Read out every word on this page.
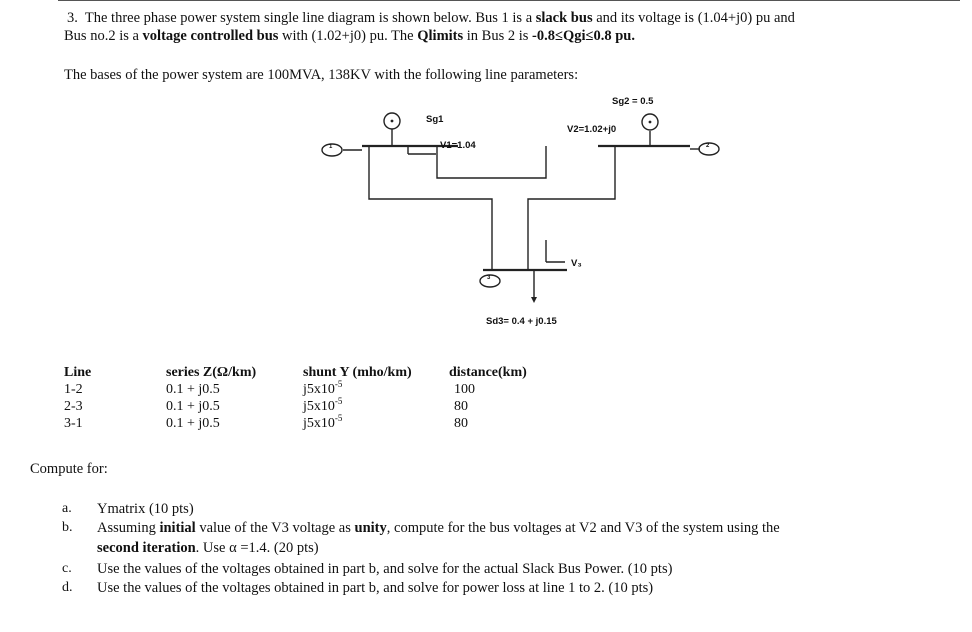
3. The three phase power system single line diagram is shown below. Bus 1 is a slack bus and its voltage is (1.04+j0) pu and
Bus no.2 is a voltage controlled bus with (1.02+j0) pu. The Qlimits in Bus 2 is -0.8≤Qgi≤0.8 pu.
The bases of the power system are 100MVA, 138KV with the following line parameters:
1	2
3
Sg1
Sg2 = 0.5
V1=1.04
V2=1.02+j0
V₃
Sd3= 0.4 + j0.15
Line
1-2
2-3
3-1
series Z(Ω/km)
0.1 + j0.5
0.1 + j0.5
0.1 + j0.5
shunt Y (mho/km)
$j5x10^{-5}$
$j5x10^{-5}$
$j5x10^{-5}$
distance(km)
100
80
80
Compute for:
a. Ymatrix (10 pts)
b. Assuming initial value of the V3 voltage as unity, compute for the bus voltages at V2 and V3 of the system using the
second iteration. Use α =1.4. (20 pts)
c. Use the values of the voltages obtained in part b, and solve for the actual Slack Bus Power. (10 pts)
d. Use the values of the voltages obtained in part b, and solve for power loss at line 1 to 2. (10 pts)
